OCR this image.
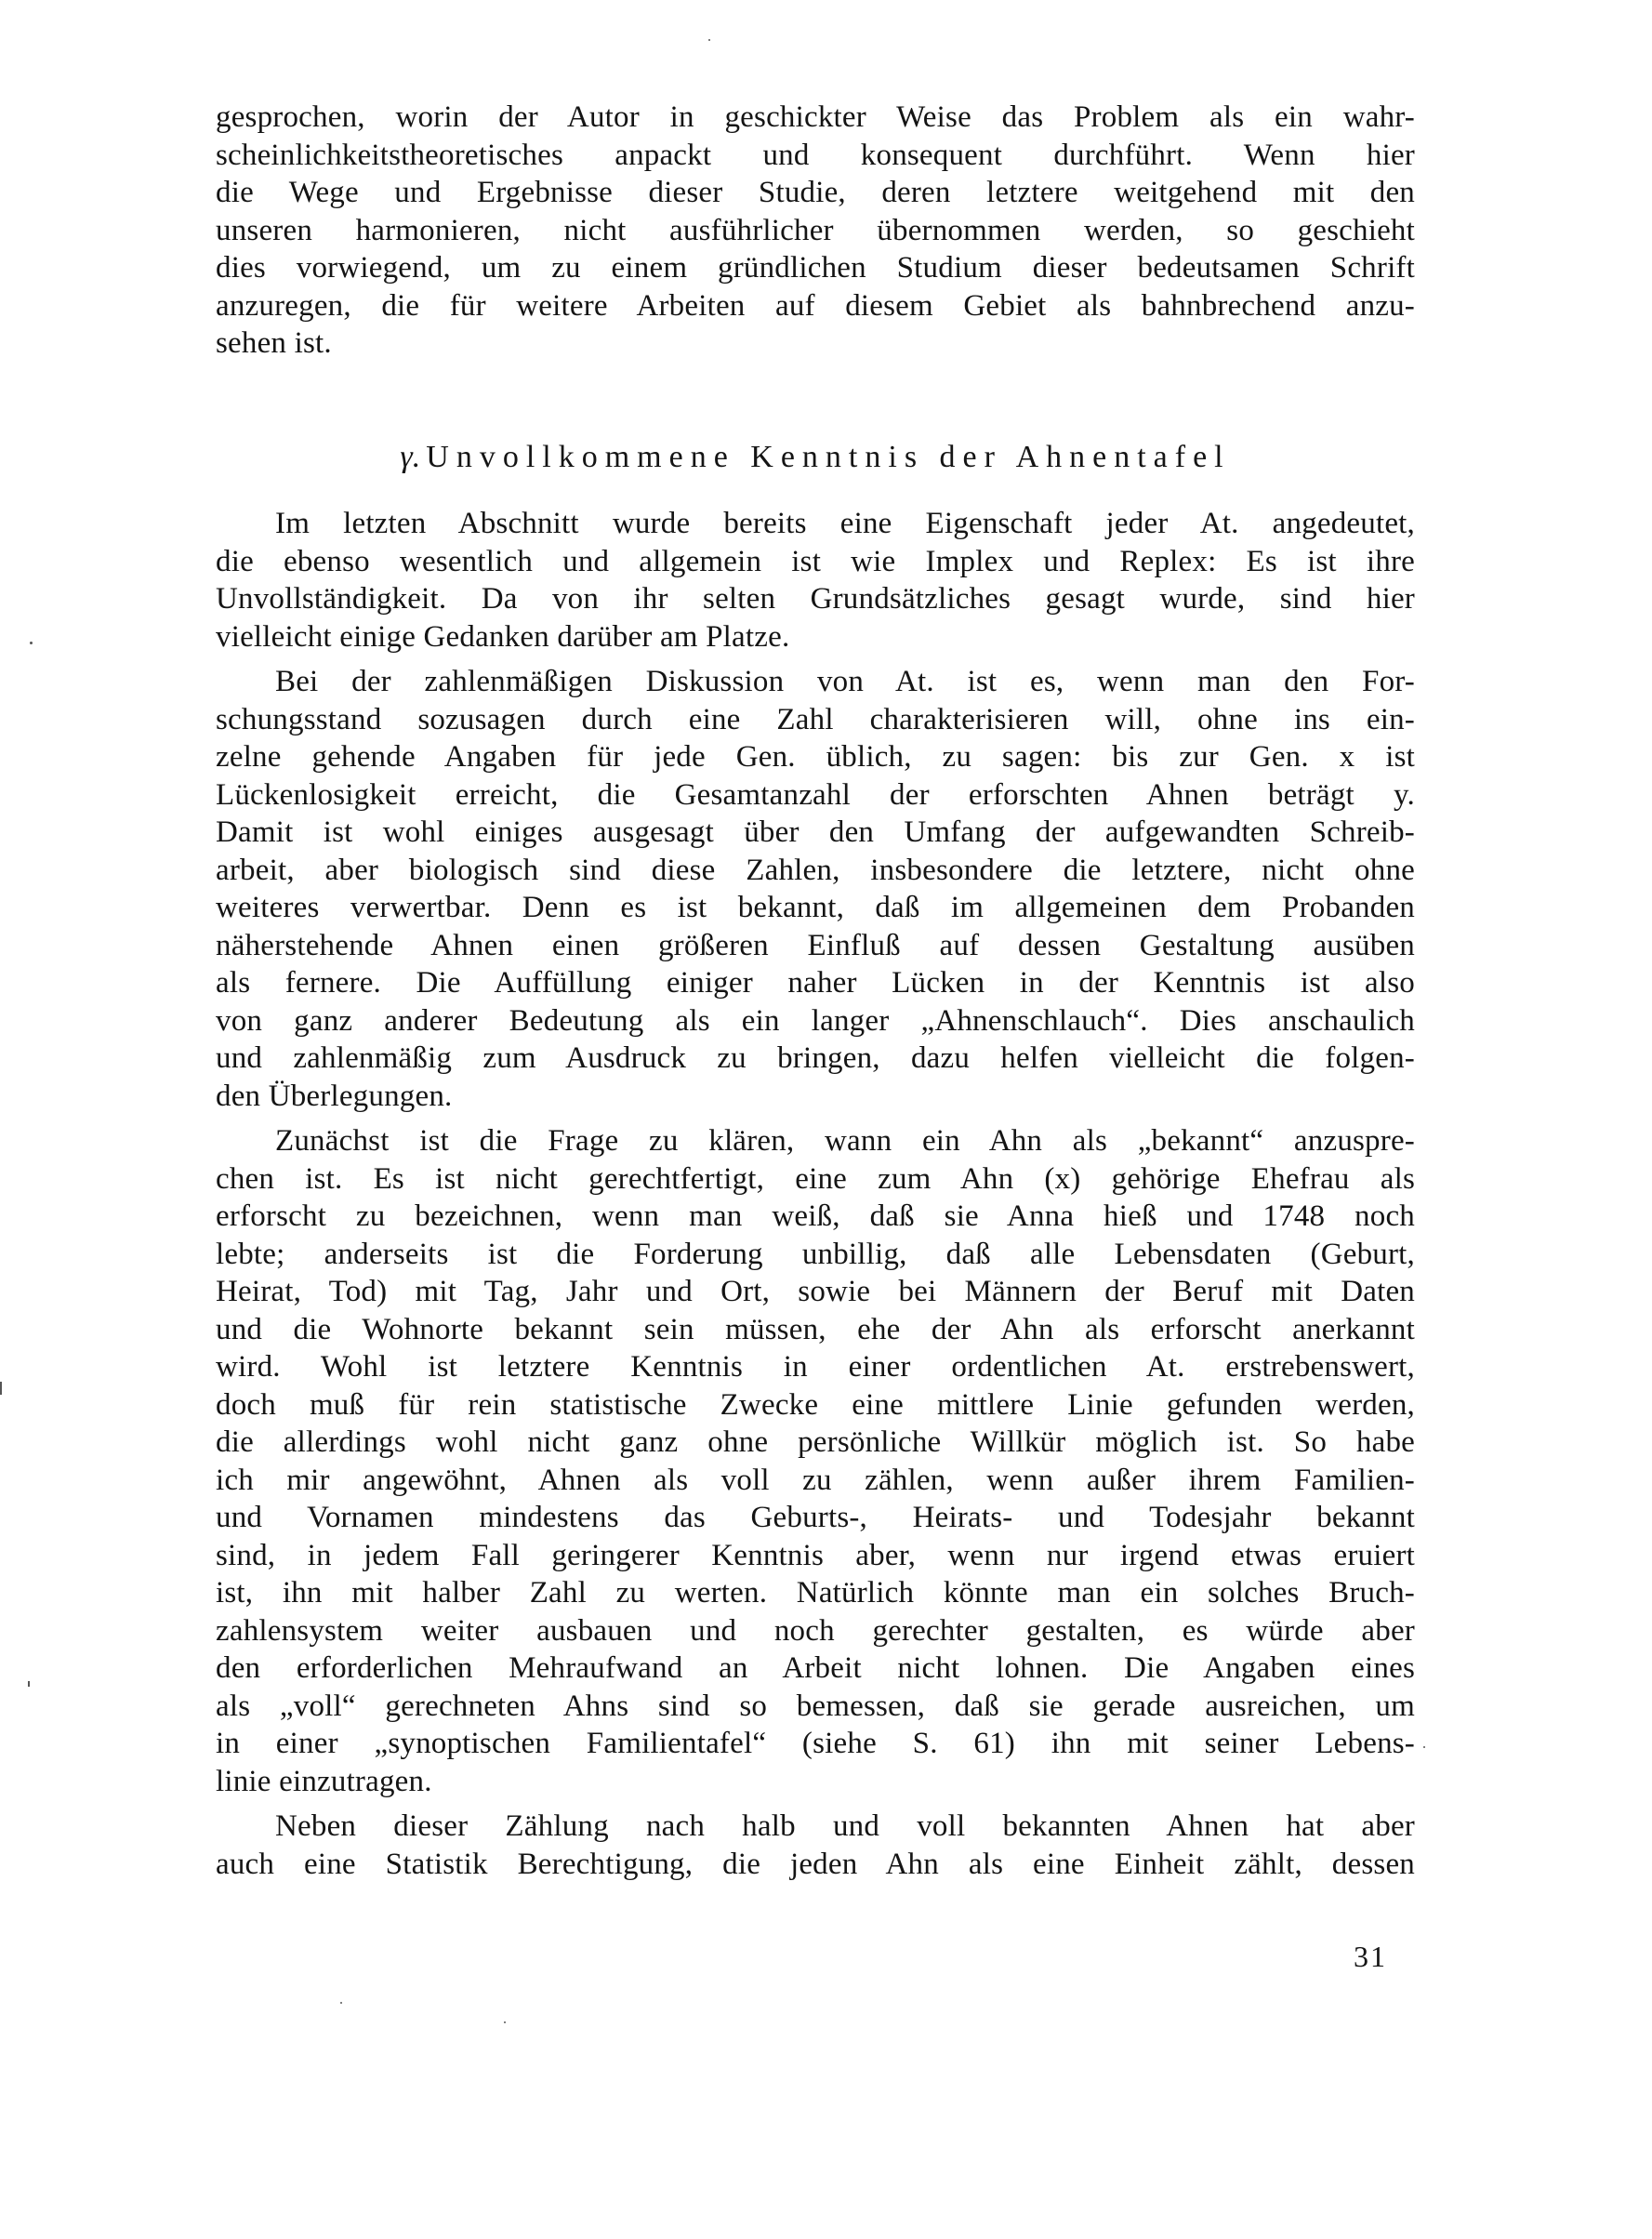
gesprochen, worin der Autor in geschickter Weise das Problem als ein wahr-
scheinlichkeitstheoretisches anpackt und konsequent durchführt. Wenn hier
die Wege und Ergebnisse dieser Studie, deren letztere weitgehend mit den
unseren harmonieren, nicht ausführlicher übernommen werden, so geschieht
dies vorwiegend, um zu einem gründlichen Studium dieser bedeutsamen Schrift
anzuregen, die für weitere Arbeiten auf diesem Gebiet als bahnbrechend anzu-
sehen ist.
γ. Unvollkommene Kenntnis der Ahnentafel
Im letzten Abschnitt wurde bereits eine Eigenschaft jeder At. angedeutet,
die ebenso wesentlich und allgemein ist wie Implex und Replex: Es ist ihre
Unvollständigkeit. Da von ihr selten Grundsätzliches gesagt wurde, sind hier
vielleicht einige Gedanken darüber am Platze.
Bei der zahlenmäßigen Diskussion von At. ist es, wenn man den For-
schungsstand sozusagen durch eine Zahl charakterisieren will, ohne ins ein-
zelne gehende Angaben für jede Gen. üblich, zu sagen: bis zur Gen. x ist
Lückenlosigkeit erreicht, die Gesamtanzahl der erforschten Ahnen beträgt y.
Damit ist wohl einiges ausgesagt über den Umfang der aufgewandten Schreib-
arbeit, aber biologisch sind diese Zahlen, insbesondere die letztere, nicht ohne
weiteres verwertbar. Denn es ist bekannt, daß im allgemeinen dem Probanden
näherstehende Ahnen einen größeren Einfluß auf dessen Gestaltung ausüben
als fernere. Die Auffüllung einiger naher Lücken in der Kenntnis ist also
von ganz anderer Bedeutung als ein langer „Ahnenschlauch“. Dies anschaulich
und zahlenmäßig zum Ausdruck zu bringen, dazu helfen vielleicht die folgen-
den Überlegungen.
Zunächst ist die Frage zu klären, wann ein Ahn als „bekannt“ anzuspre-
chen ist. Es ist nicht gerechtfertigt, eine zum Ahn (x) gehörige Ehefrau als
erforscht zu bezeichnen, wenn man weiß, daß sie Anna hieß und 1748 noch
lebte; anderseits ist die Forderung unbillig, daß alle Lebensdaten (Geburt,
Heirat, Tod) mit Tag, Jahr und Ort, sowie bei Männern der Beruf mit Daten
und die Wohnorte bekannt sein müssen, ehe der Ahn als erforscht anerkannt
wird. Wohl ist letztere Kenntnis in einer ordentlichen At. erstrebenswert,
doch muß für rein statistische Zwecke eine mittlere Linie gefunden werden,
die allerdings wohl nicht ganz ohne persönliche Willkür möglich ist. So habe
ich mir angewöhnt, Ahnen als voll zu zählen, wenn außer ihrem Familien-
und Vornamen mindestens das Geburts-, Heirats- und Todesjahr bekannt
sind, in jedem Fall geringerer Kenntnis aber, wenn nur irgend etwas eruiert
ist, ihn mit halber Zahl zu werten. Natürlich könnte man ein solches Bruch-
zahlensystem weiter ausbauen und noch gerechter gestalten, es würde aber
den erforderlichen Mehraufwand an Arbeit nicht lohnen. Die Angaben eines
als „voll“ gerechneten Ahns sind so bemessen, daß sie gerade ausreichen, um
in einer „synoptischen Familientafel“ (siehe S. 61) ihn mit seiner Lebens-
linie einzutragen.
Neben dieser Zählung nach halb und voll bekannten Ahnen hat aber
auch eine Statistik Berechtigung, die jeden Ahn als eine Einheit zählt, dessen
31
